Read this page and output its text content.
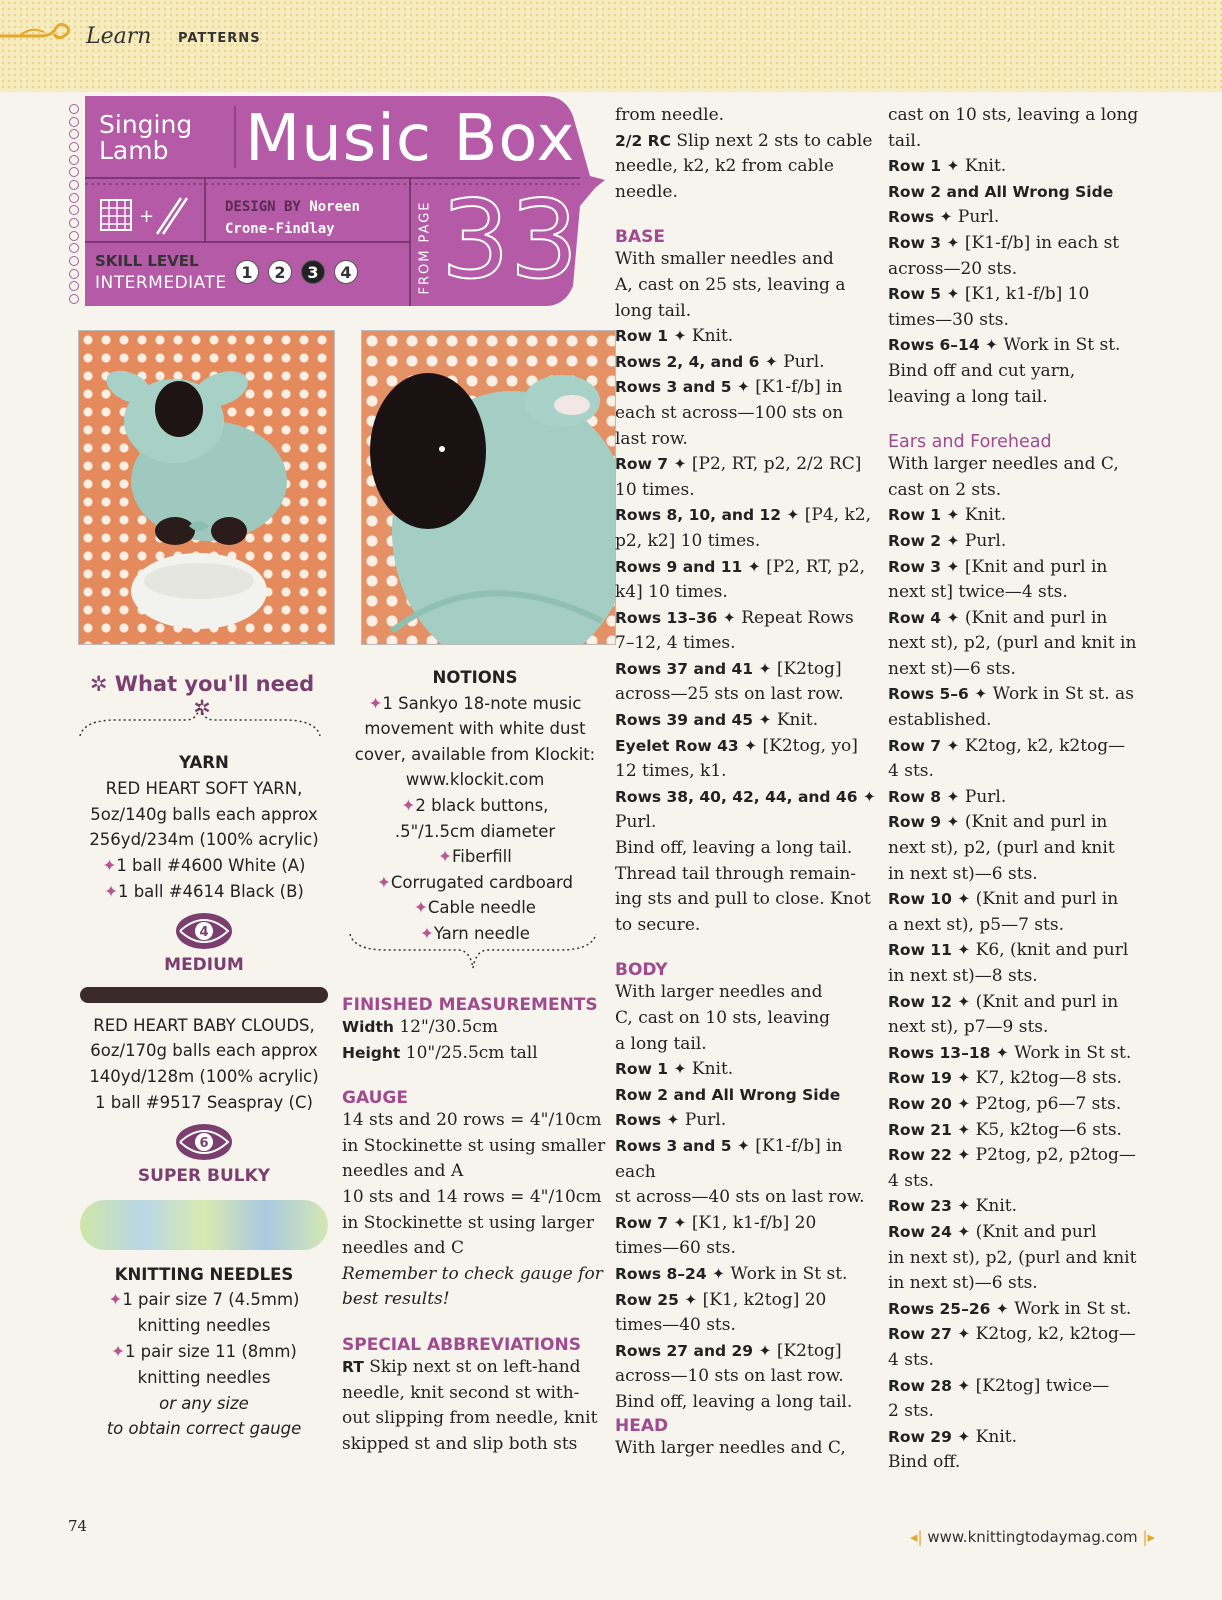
Learn PATTERNS
Singing
Lamb	Music Box
+	DESIGN BY Noreen
Crone-Findlay
SKILL LEVEL
INTERMEDIATE
1	2	3	4	FROM PAGE 33
✲ What you'll need ✲
YARN
RED HEART SOFT YARN,
5oz/140g balls each approx
256yd/234m (100% acrylic)
✦1 ball #4600 White (A)
✦1 ball #4614 Black (B)
4
MEDIUM
RED HEART BABY CLOUDS,
6oz/170g balls each approx
140yd/128m (100% acrylic)
1 ball #9517 Seaspray (C)
6
SUPER BULKY
KNITTING NEEDLES
✦1 pair size 7 (4.5mm)
knitting needles
✦1 pair size 11 (8mm)
knitting needles
or any size
to obtain correct gauge
NOTIONS
✦1 Sankyo 18-note music
movement with white dust
cover, available from Klockit:
www.klockit.com
✦2 black buttons,
.5"/1.5cm diameter
✦Fiberfill
✦Corrugated cardboard
✦Cable needle
✦Yarn needle
FINISHED MEASUREMENTS
Width 12"/30.5cm
Height 10"/25.5cm tall
GAUGE
14 sts and 20 rows = 4"/10cm
in Stockinette st using smaller
needles and A
10 sts and 14 rows = 4"/10cm
in Stockinette st using larger
needles and C
Remember to check gauge for
best results!
SPECIAL ABBREVIATIONS
RT Skip next st on left-hand
needle, knit second st with-
out slipping from needle, knit
skipped st and slip both sts
from needle.
2/2 RC Slip next 2 sts to cable
needle, k2, k2 from cable
needle.
BASE
With smaller needles and
A, cast on 25 sts, leaving a
long tail.
Row 1 ✦ Knit.
Rows 2, 4, and 6 ✦ Purl.
Rows 3 and 5 ✦ [K1-f/b] in
each st across—100 sts on
last row.
Row 7 ✦ [P2, RT, p2, 2/2 RC]
10 times.
Rows 8, 10, and 12 ✦ [P4, k2,
p2, k2] 10 times.
Rows 9 and 11 ✦ [P2, RT, p2,
k4] 10 times.
Rows 13–36 ✦ Repeat Rows
7–12, 4 times.
Rows 37 and 41 ✦ [K2tog]
across—25 sts on last row.
Rows 39 and 45 ✦ Knit.
Eyelet Row 43 ✦ [K2tog, yo]
12 times, k1.
Rows 38, 40, 42, 44, and 46 ✦
Purl.
Bind off, leaving a long tail.
Thread tail through remain-
ing sts and pull to close. Knot
to secure.
BODY
With larger needles and
C, cast on 10 sts, leaving
a long tail.
Row 1 ✦ Knit.
Row 2 and All Wrong Side
Rows ✦ Purl.
Rows 3 and 5 ✦ [K1-f/b] in each
st across—40 sts on last row.
Row 7 ✦ [K1, k1-f/b] 20
times—60 sts.
Rows 8–24 ✦ Work in St st.
Row 25 ✦ [K1, k2tog] 20
times—40 sts.
Rows 27 and 29 ✦ [K2tog]
across—10 sts on last row.
Bind off, leaving a long tail.
HEAD
With larger needles and C,
cast on 10 sts, leaving a long
tail.
Row 1 ✦ Knit.
Row 2 and All Wrong Side
Rows ✦ Purl.
Row 3 ✦ [K1-f/b] in each st
across—20 sts.
Row 5 ✦ [K1, k1-f/b] 10
times—30 sts.
Rows 6–14 ✦ Work in St st.
Bind off and cut yarn,
leaving a long tail.
Ears and Forehead
With larger needles and C,
cast on 2 sts.
Row 1 ✦ Knit.
Row 2 ✦ Purl.
Row 3 ✦ [Knit and purl in
next st] twice—4 sts.
Row 4 ✦ (Knit and purl in
next st), p2, (purl and knit in
next st)—6 sts.
Rows 5–6 ✦ Work in St st. as
established.
Row 7 ✦ K2tog, k2, k2tog—
4 sts.
Row 8 ✦ Purl.
Row 9 ✦ (Knit and purl in
next st), p2, (purl and knit
in next st)—6 sts.
Row 10 ✦ (Knit and purl in
a next st), p5—7 sts.
Row 11 ✦ K6, (knit and purl
in next st)—8 sts.
Row 12 ✦ (Knit and purl in
next st), p7—9 sts.
Rows 13–18 ✦ Work in St st.
Row 19 ✦ K7, k2tog—8 sts.
Row 20 ✦ P2tog, p6—7 sts.
Row 21 ✦ K5, k2tog—6 sts.
Row 22 ✦ P2tog, p2, p2tog—
4 sts.
Row 23 ✦ Knit.
Row 24 ✦ (Knit and purl
in next st), p2, (purl and knit
in next st)—6 sts.
Rows 25–26 ✦ Work in St st.
Row 27 ✦ K2tog, k2, k2tog—
4 sts.
Row 28 ✦ [K2tog] twice—
2 sts.
Row 29 ✦ Knit.
Bind off.
74
◂| www.knittingtodaymag.com |▸
